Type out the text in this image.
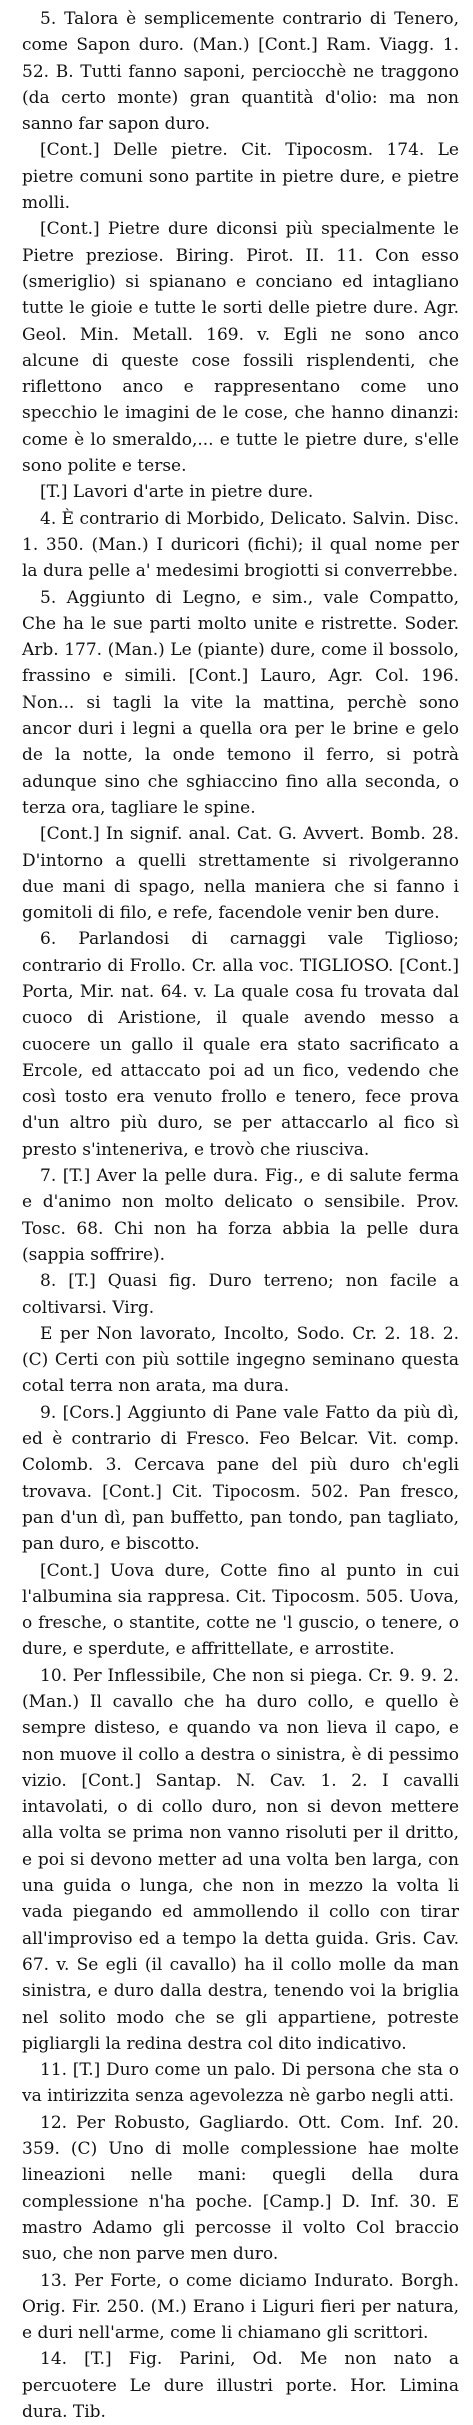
5. Talora è semplicemente contrario di Tenero, come Sapon duro. (Man.) [Cont.] Ram. Viagg. 1. 52. B. Tutti fanno saponi, perciocchè ne traggono (da certo monte) gran quantità d'olio: ma non sanno far sapon duro.

[Cont.] Delle pietre. Cit. Tipocosm. 174. Le pietre comuni sono partite in pietre dure, e pietre molli.

[Cont.] Pietre dure diconsi più specialmente le Pietre preziose. Biring. Pirot. II. 11. Con esso (smeriglio) si spianano e conciano ed intagliano tutte le gioie e tutte le sorti delle pietre dure. Agr. Geol. Min. Metall. 169. v. Egli ne sono anco alcune di queste cose fossili risplendenti, che riflettono anco e rappresentano come uno specchio le imagini de le cose, che hanno dinanzi: come è lo smeraldo,... e tutte le pietre dure, s'elle sono polite e terse.

[T.] Lavori d'arte in pietre dure.

4. È contrario di Morbido, Delicato. Salvin. Disc. 1. 350. (Man.) I duricori (fichi); il qual nome per la dura pelle a' medesimi brogiotti si converrebbe.

5. Aggiunto di Legno, e sim., vale Compatto, Che ha le sue parti molto unite e ristrette. Soder. Arb. 177. (Man.) Le (piante) dure, come il bossolo, frassino e simili. [Cont.] Lauro, Agr. Col. 196. Non... si tagli la vite la mattina, perchè sono ancor duri i legni a quella ora per le brine e gelo de la notte, la onde temono il ferro, si potrà adunque sino che sghiaccino fino alla seconda, o terza ora, tagliare le spine.

[Cont.] In signif. anal. Cat. G. Avvert. Bomb. 28. D'intorno a quelli strettamente si rivolgeranno due mani di spago, nella maniera che si fanno i gomitoli di filo, e refe, facendole venir ben dure.

6. Parlandosi di carnaggi vale Tiglioso; contrario di Frollo. Cr. alla voc. TIGLIOSO. [Cont.] Porta, Mir. nat. 64. v. La quale cosa fu trovata dal cuoco di Aristione, il quale avendo messo a cuocere un gallo il quale era stato sacrificato a Ercole, ed attaccato poi ad un fico, vedendo che così tosto era venuto frollo e tenero, fece prova d'un altro più duro, se per attaccarlo al fico sì presto s'inteneriva, e trovò che riusciva.

7. [T.] Aver la pelle dura. Fig., e di salute ferma e d'animo non molto delicato o sensibile. Prov. Tosc. 68. Chi non ha forza abbia la pelle dura (sappia soffrire).

8. [T.] Quasi fig. Duro terreno; non facile a coltivarsi. Virg.

E per Non lavorato, Incolto, Sodo. Cr. 2. 18. 2. (C) Certi con più sottile ingegno seminano questa cotal terra non arata, ma dura.

9. [Cors.] Aggiunto di Pane vale Fatto da più dì, ed è contrario di Fresco. Feo Belcar. Vit. comp. Colomb. 3. Cercava pane del più duro ch'egli trovava. [Cont.] Cit. Tipocosm. 502. Pan fresco, pan d'un dì, pan buffetto, pan tondo, pan tagliato, pan duro, e biscotto.

[Cont.] Uova dure, Cotte fino al punto in cui l'albumina sia rappresa. Cit. Tipocosm. 505. Uova, o fresche, o stantite, cotte ne 'l guscio, o tenere, o dure, e sperdute, e affrittellate, e arrostite.

10. Per Inflessibile, Che non si piega. Cr. 9. 9. 2. (Man.) Il cavallo che ha duro collo, e quello è sempre disteso, e quando va non lieva il capo, e non muove il collo a destra o sinistra, è di pessimo vizio. [Cont.] Santap. N. Cav. 1. 2. I cavalli intavolati, o di collo duro, non si devon mettere alla volta se prima non vanno risoluti per il dritto, e poi si devono metter ad una volta ben larga, con una guida o lunga, che non in mezzo la volta li vada piegando ed ammollendo il collo con tirar all'improviso ed a tempo la detta guida. Gris. Cav. 67. v. Se egli (il cavallo) ha il collo molle da man sinistra, e duro dalla destra, tenendo voi la briglia nel solito modo che se gli appartiene, potreste pigliargli la redina destra col dito indicativo.

11. [T.] Duro come un palo. Di persona che sta o va intirizzita senza agevolezza nè garbo negli atti.

12. Per Robusto, Gagliardo. Ott. Com. Inf. 20. 359. (C) Uno di molle complessione hae molte lineazioni nelle mani: quegli della dura complessione n'ha poche. [Camp.] D. Inf. 30. E mastro Adamo gli percosse il volto Col braccio suo, che non parve men duro.

13. Per Forte, o come diciamo Indurato. Borgh. Orig. Fir. 250. (M.) Erano i Liguri fieri per natura, e duri nell'arme, come li chiamano gli scrittori.

14. [T.] Fig. Parini, Od. Me non nato a percuotere Le dure illustri porte. Hor. Limina dura. Tib.
